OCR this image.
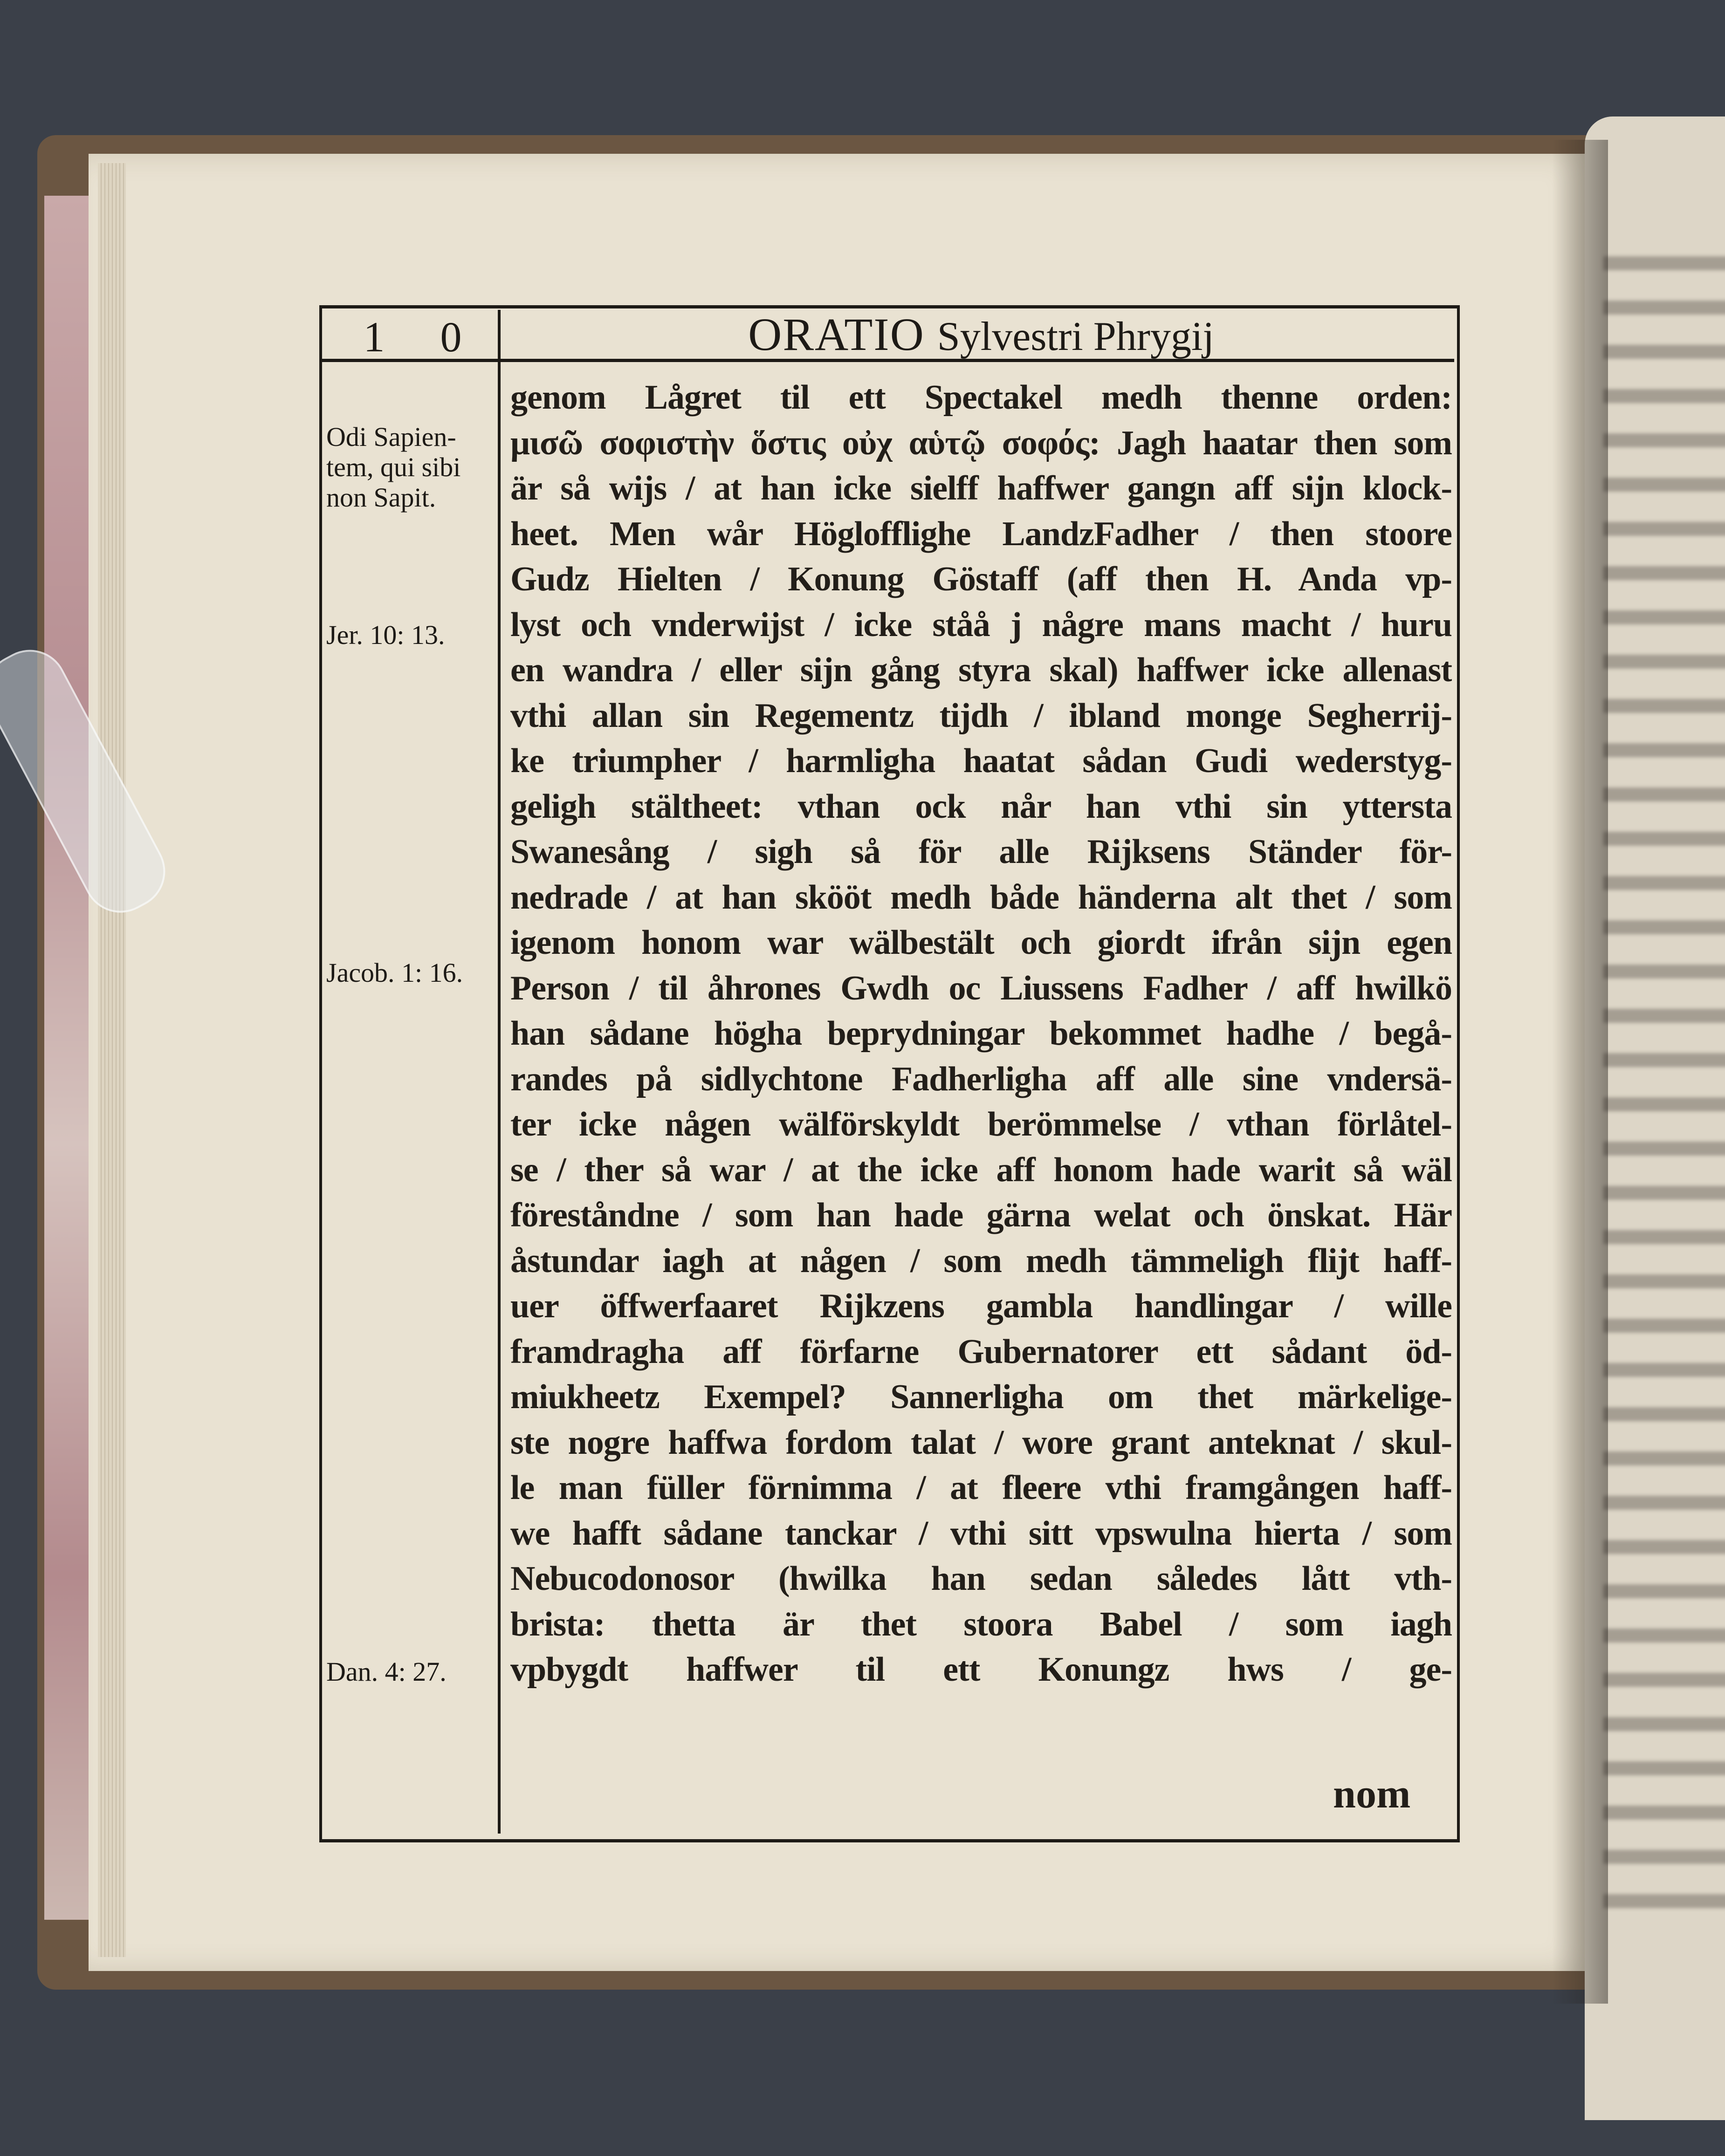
1 0	ORATIO Sylvestri Phrygij
Odi Sapien-
tem, qui sibi
non Sapit.
Jer. 10: 13.
Jacob. 1: 16.
Dan. 4: 27.
genom Lågret til ett Spectakel medh thenne orden:
μισῶ σοφιστὴν ὅστις οὐχ αὑτῷ σοφός: Jagh haatar then som
är så wijs / at han icke sielff haffwer gangn aff sijn klock-
heet. Men wår Höglofflighe LandzFadher / then stoore
Gudz Hielten / Konung Göstaff (aff then H. Anda vp-
lyst och vnderwijst / icke ståå j någre mans macht / huru
en wandra / eller sijn gång styra skal) haffwer icke allenast
vthi allan sin Regementz tijdh / ibland monge Segherrij-
ke triumpher / harmligha haatat sådan Gudi wederstyg-
geligh stältheet: vthan ock når han vthi sin yttersta
Swanesång / sigh så för alle Rijksens Ständer för-
nedrade / at han skööt medh både händerna alt thet / som
igenom honom war wälbestält och giordt ifrån sijn egen
Person / til åhrones Gwdh oc Liussens Fadher / aff hwilkö
han sådane högha beprydningar bekommet hadhe / begå-
randes på sidlychtone Fadherligha aff alle sine vndersä-
ter icke någen wälförskyldt berömmelse / vthan förlåtel-
se / ther så war / at the icke aff honom hade warit så wäl
föreståndne / som han hade gärna welat och önskat. Här
åstundar iagh at någen / som medh tämmeligh flijt haff-
uer öffwerfaaret Rijkzens gambla handlingar / wille
framdragha aff förfarne Gubernatorer ett sådant öd-
miukheetz Exempel? Sannerligha om thet märkelige-
ste nogre haffwa fordom talat / wore grant anteknat / skul-
le man füller förnimma / at fleere vthi framgången haff-
we hafft sådane tanckar / vthi sitt vpswulna hierta / som
Nebucodonosor (hwilka han sedan således lått vth-
brista: thetta är thet stoora Babel / som iagh
vpbygdt haffwer til ett Konungz hws / ge-
nom
